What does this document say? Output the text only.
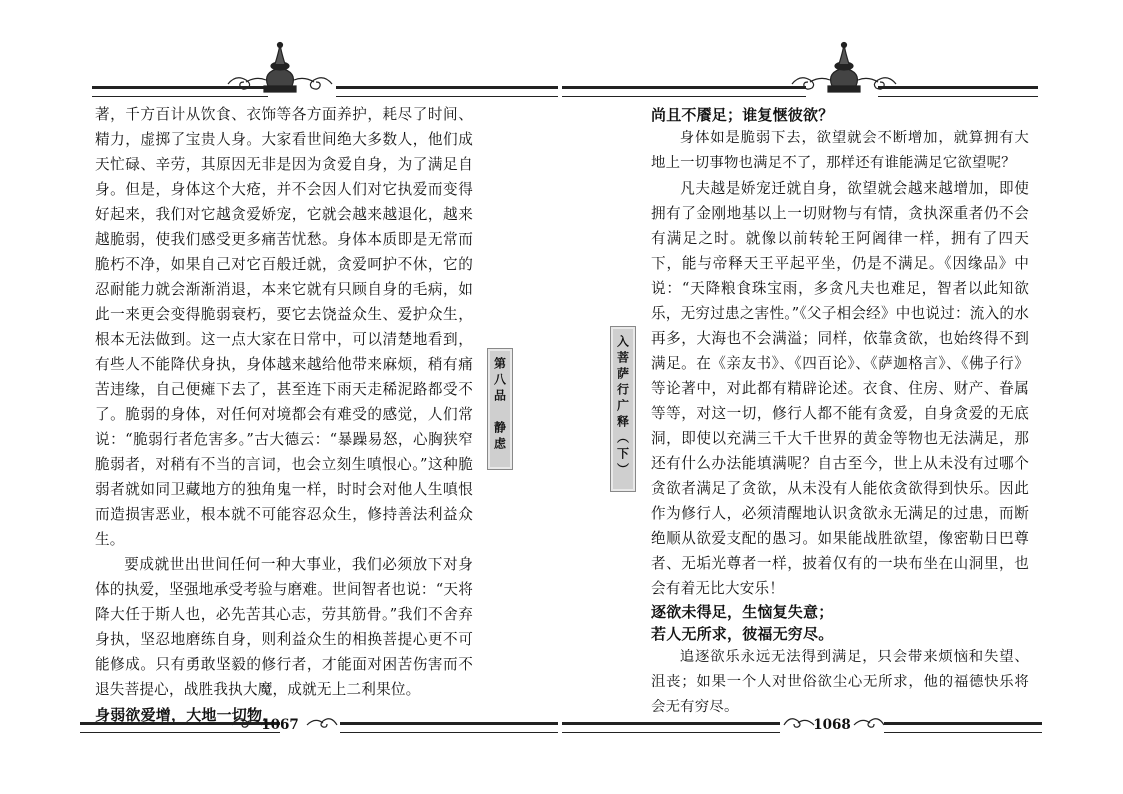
著，千方百计从饮食、衣饰等各方面养护，耗尽了时间、精力，虚掷了宝贵人身。大家看世间绝大多数人，他们成天忙碌、辛劳，其原因无非是因为贪爱自身，为了满足自身。但是，身体这个大疮，并不会因人们对它执爱而变得好起来，我们对它越贪爱娇宠，它就会越来越退化，越来越脆弱，使我们感受更多痛苦忧愁。身体本质即是无常而脆朽不净，如果自己对它百般迁就，贪爱呵护不休，它的忍耐能力就会渐渐消退，本来它就有只顾自身的毛病，如此一来更会变得脆弱衰朽，要它去饶益众生、爱护众生，根本无法做到。这一点大家在日常中，可以清楚地看到，有些人不能降伏身执，身体越来越给他带来麻烦，稍有痛苦违缘，自己便瘫下去了，甚至连下雨天走稀泥路都受不了。脆弱的身体，对任何对境都会有难受的感觉，人们常说：“脆弱行者危害多。”古大德云：“暴躁易怒，心胸狭窄脆弱者，对稍有不当的言词，也会立刻生嗔恨心。”这种脆弱者就如同卫藏地方的独角鬼一样，时时会对他人生嗔恨而造损害恶业，根本就不可能容忍众生，修持善法利益众生。

要成就世出世间任何一种大事业，我们必须放下对身体的执爱，坚强地承受考验与磨难。世间智者也说：“天将降大任于斯人也，必先苦其心志，劳其筋骨。”我们不舍弃身执，坚忍地磨练自身，则利益众生的相换菩提心更不可能修成。只有勇敢坚毅的修行者，才能面对困苦伤害而不退失菩提心，战胜我执大魔，成就无上二利果位。

身弱欲爱增，大地一切物，

第八品　静虑
1067
入菩萨行广释（下）

尚且不餍足；谁复惬彼欲？

身体如是脆弱下去，欲望就会不断增加，就算拥有大地上一切事物也满足不了，那样还有谁能满足它欲望呢？

凡夫越是娇宠迁就自身，欲望就会越来越增加，即使拥有了金刚地基以上一切财物与有情，贪执深重者仍不会有满足之时。就像以前转轮王阿阇律一样，拥有了四天下，能与帝释天王平起平坐，仍是不满足。《因缘品》中说：“天降粮食珠宝雨，多贪凡夫也难足，智者以此知欲乐，无穷过患之害性。”《父子相会经》中也说过：流入的水再多，大海也不会满溢；同样，依靠贪欲，也始终得不到满足。在《亲友书》、《四百论》、《萨迦格言》、《佛子行》等论著中，对此都有精辟论述。衣食、住房、财产、眷属等等，对这一切，修行人都不能有贪爱，自身贪爱的无底洞，即使以充满三千大千世界的黄金等物也无法满足，那还有什么办法能填满呢？自古至今，世上从未没有过哪个贪欲者满足了贪欲，从未没有人能依贪欲得到快乐。因此作为修行人，必须清醒地认识贪欲永无满足的过患，而断绝顺从欲爱支配的愚习。如果能战胜欲望，像密勒日巴尊者、无垢光尊者一样，披着仅有的一块布坐在山洞里，也会有着无比大安乐！

逐欲未得足，生恼复失意；

若人无所求，彼福无穷尽。

追逐欲乐永远无法得到满足，只会带来烦恼和失望、沮丧；如果一个人对世俗欲尘心无所求，他的福德快乐将会无有穷尽。

1068
